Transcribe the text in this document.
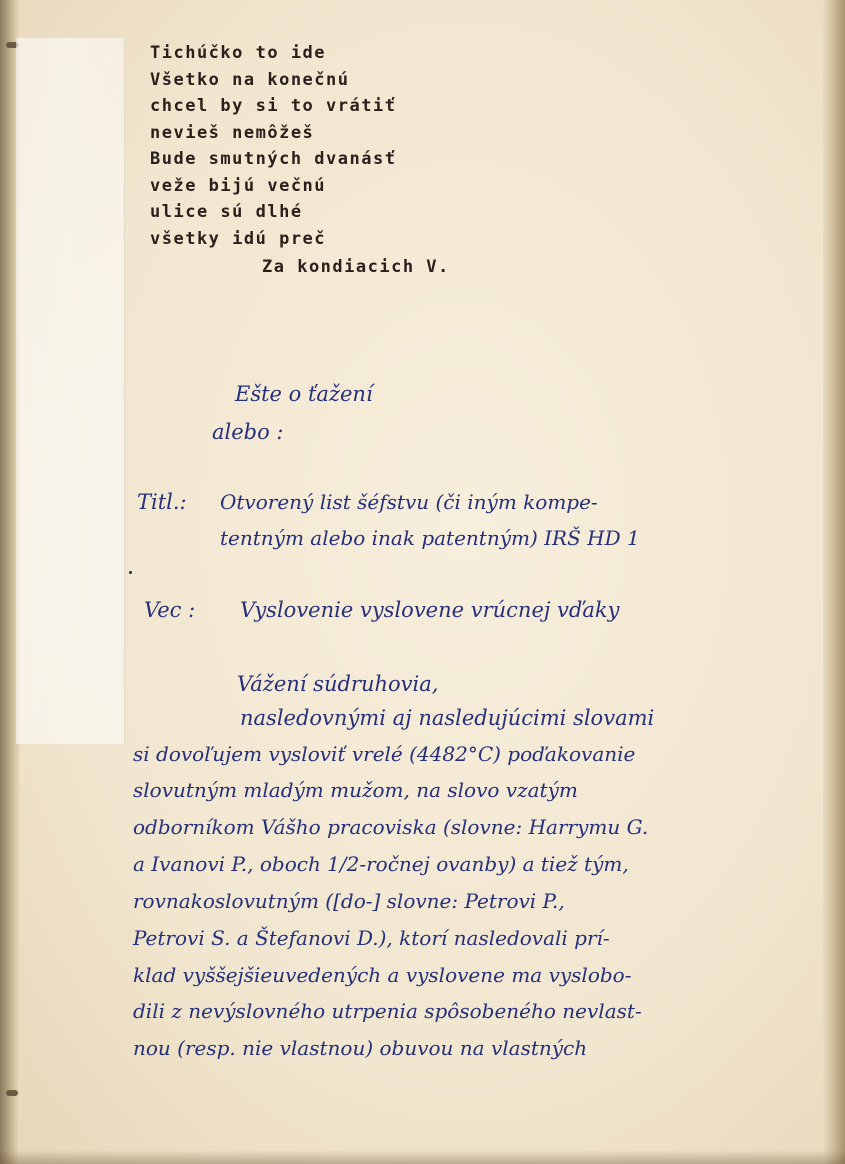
Tichúčko to ide
Všetko na konečnú
chcel by si to vrátiť
nevieš nemôžeš
Bude smutných dvanásť
veže bijú večnú
ulice sú dlhé
všetky idú preč
Za kondiacich V.
Ešte o ťažení
alebo :
Titl.: Otvorený list šéfstvu (či iným kompe-
tentným alebo inak patentným) IRŠ HD 1
Vec : Vyslovenie vyslovene vrúcnej vďaky
Vážení súdruhovia,
nasledovnými aj nasledujúcimi slovami
si dovoľujem vysloviť vrelé (4482°C) poďakovanie
slovutným mladým mužom, na slovo vzatým
odborníkom Vášho pracoviska (slovne: Harrymu G.
a Ivanovi P., oboch 1/2-ročnej ovanby) a tiež tým,
rovnakoslovutným ([do-] slovne: Petrovi P.,
Petrovi S. a Štefanovi D.), ktorí nasledovali prí-
klad vyššejšieuvedených a vyslovene ma vyslobo-
dili z nevýslovného utrpenia spôsobeného nevlast-
nou (resp. nie vlastnou) obuvou na vlastných
